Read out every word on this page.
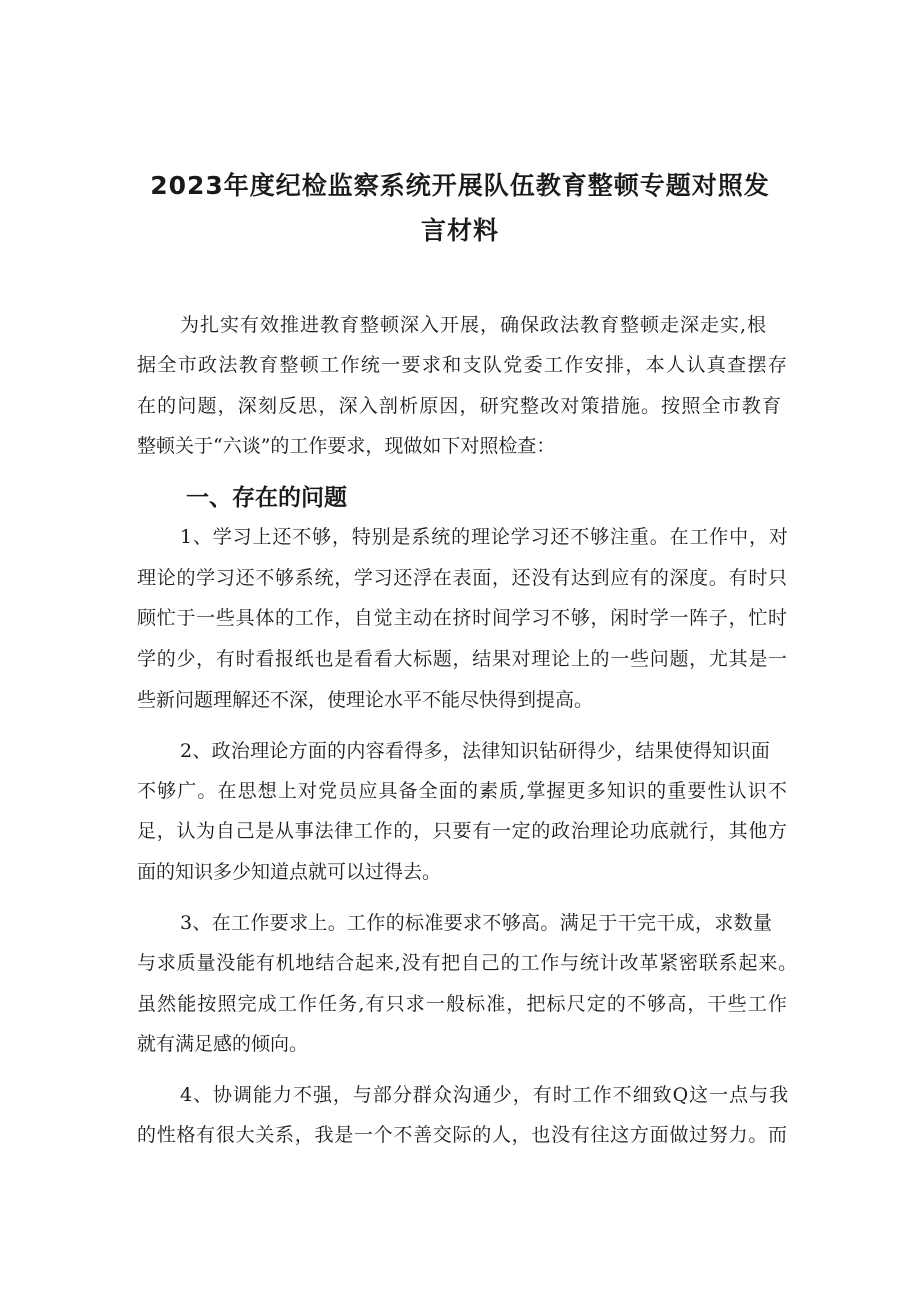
2023年度纪检监察系统开展队伍教育整顿专题对照发
言材料
为扎实有效推进教育整顿深入开展，确保政法教育整顿走深走实,根
据全市政法教育整顿工作统一要求和支队党委工作安排，本人认真查摆存
在的问题，深刻反思，深入剖析原因，研究整改对策措施。按照全市教育
整顿关于“六谈”的工作要求，现做如下对照检查：
一、存在的问题
1、学习上还不够，特别是系统的理论学习还不够注重。在工作中，对
理论的学习还不够系统，学习还浮在表面，还没有达到应有的深度。有时只
顾忙于一些具体的工作，自觉主动在挤时间学习不够，闲时学一阵子，忙时
学的少，有时看报纸也是看看大标题，结果对理论上的一些问题，尤其是一
些新问题理解还不深，使理论水平不能尽快得到提高。
2、政治理论方面的内容看得多，法律知识钻研得少，结果使得知识面
不够广。在思想上对党员应具备全面的素质,掌握更多知识的重要性认识不
足，认为自己是从事法律工作的，只要有一定的政治理论功底就行，其他方
面的知识多少知道点就可以过得去。
3、在工作要求上。工作的标准要求不够高。满足于干完干成，求数量
与求质量没能有机地结合起来,没有把自己的工作与统计改革紧密联系起来。
虽然能按照完成工作任务,有只求一般标准，把标尺定的不够高，干些工作
就有满足感的倾向。
4、协调能力不强，与部分群众沟通少，有时工作不细致Q这一点与我
的性格有很大关系，我是一个不善交际的人，也没有往这方面做过努力。而
